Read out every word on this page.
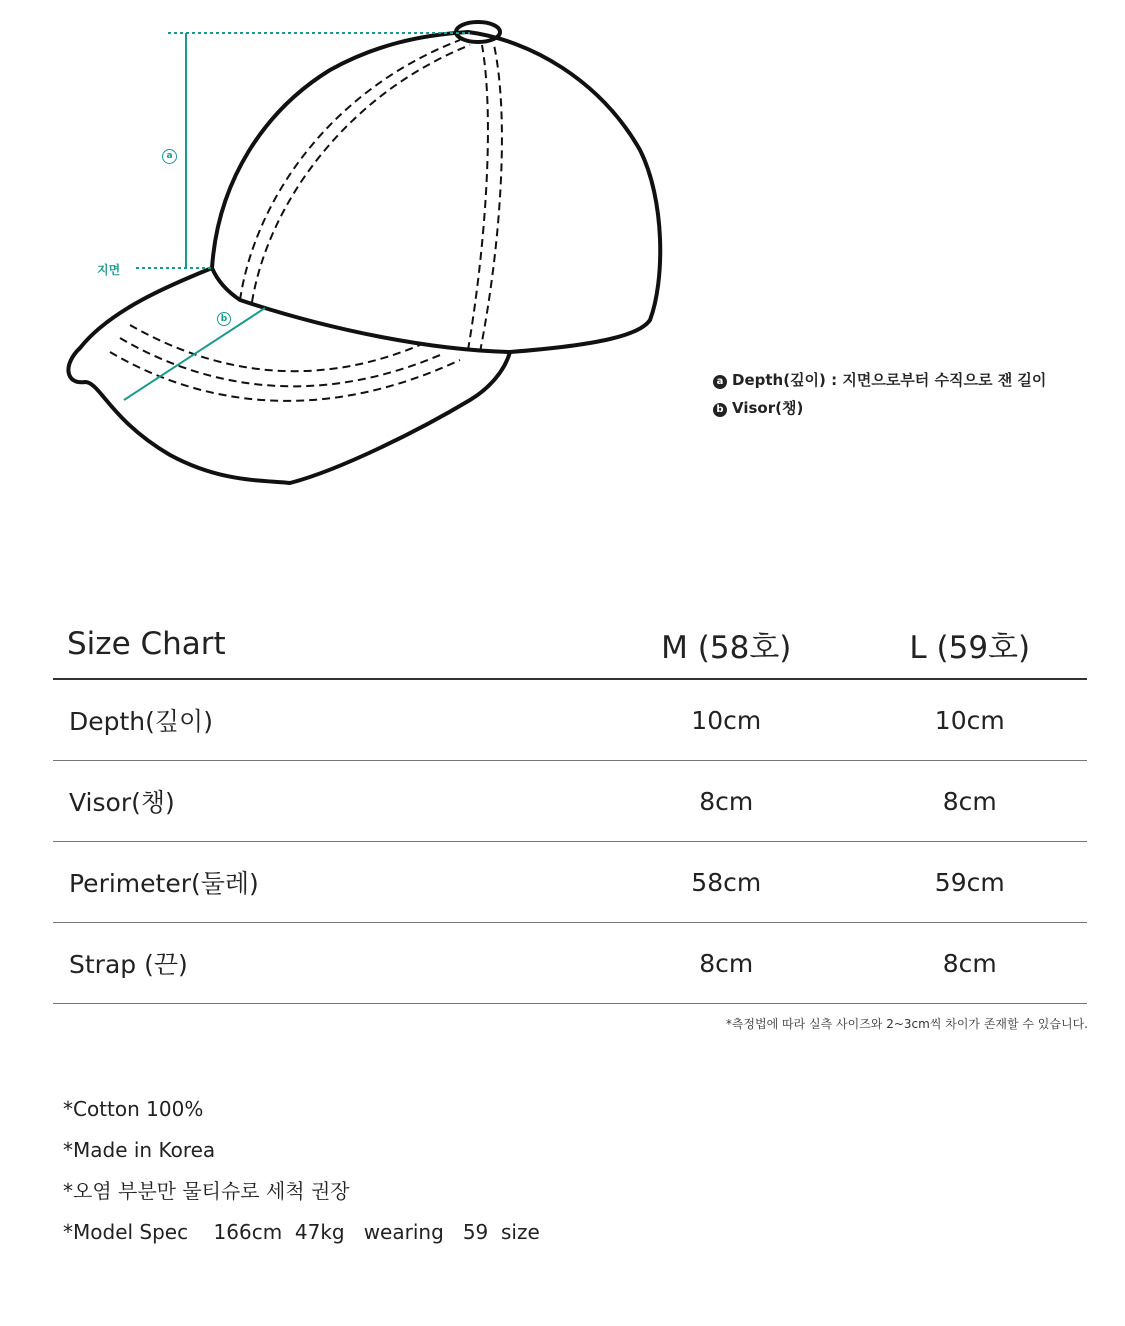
a
b
지면
a Depth(깊이) : 지면으로부터 수직으로 잰 길이
b Visor(챙)
Size Chart	M (58호)	L (59호)
Depth(깊이)	10cm	10cm
Visor(챙)	8cm	8cm
Perimeter(둘레)	58cm	59cm
Strap (끈)	8cm	8cm
*측정법에 따라 실측 사이즈와 2~3cm씩 차이가 존재할 수 있습니다.
*Cotton 100%
*Made in Korea
*오염 부분만 물티슈로 세척 권장
*Model Spec    166cm  47kg   wearing   59  size
